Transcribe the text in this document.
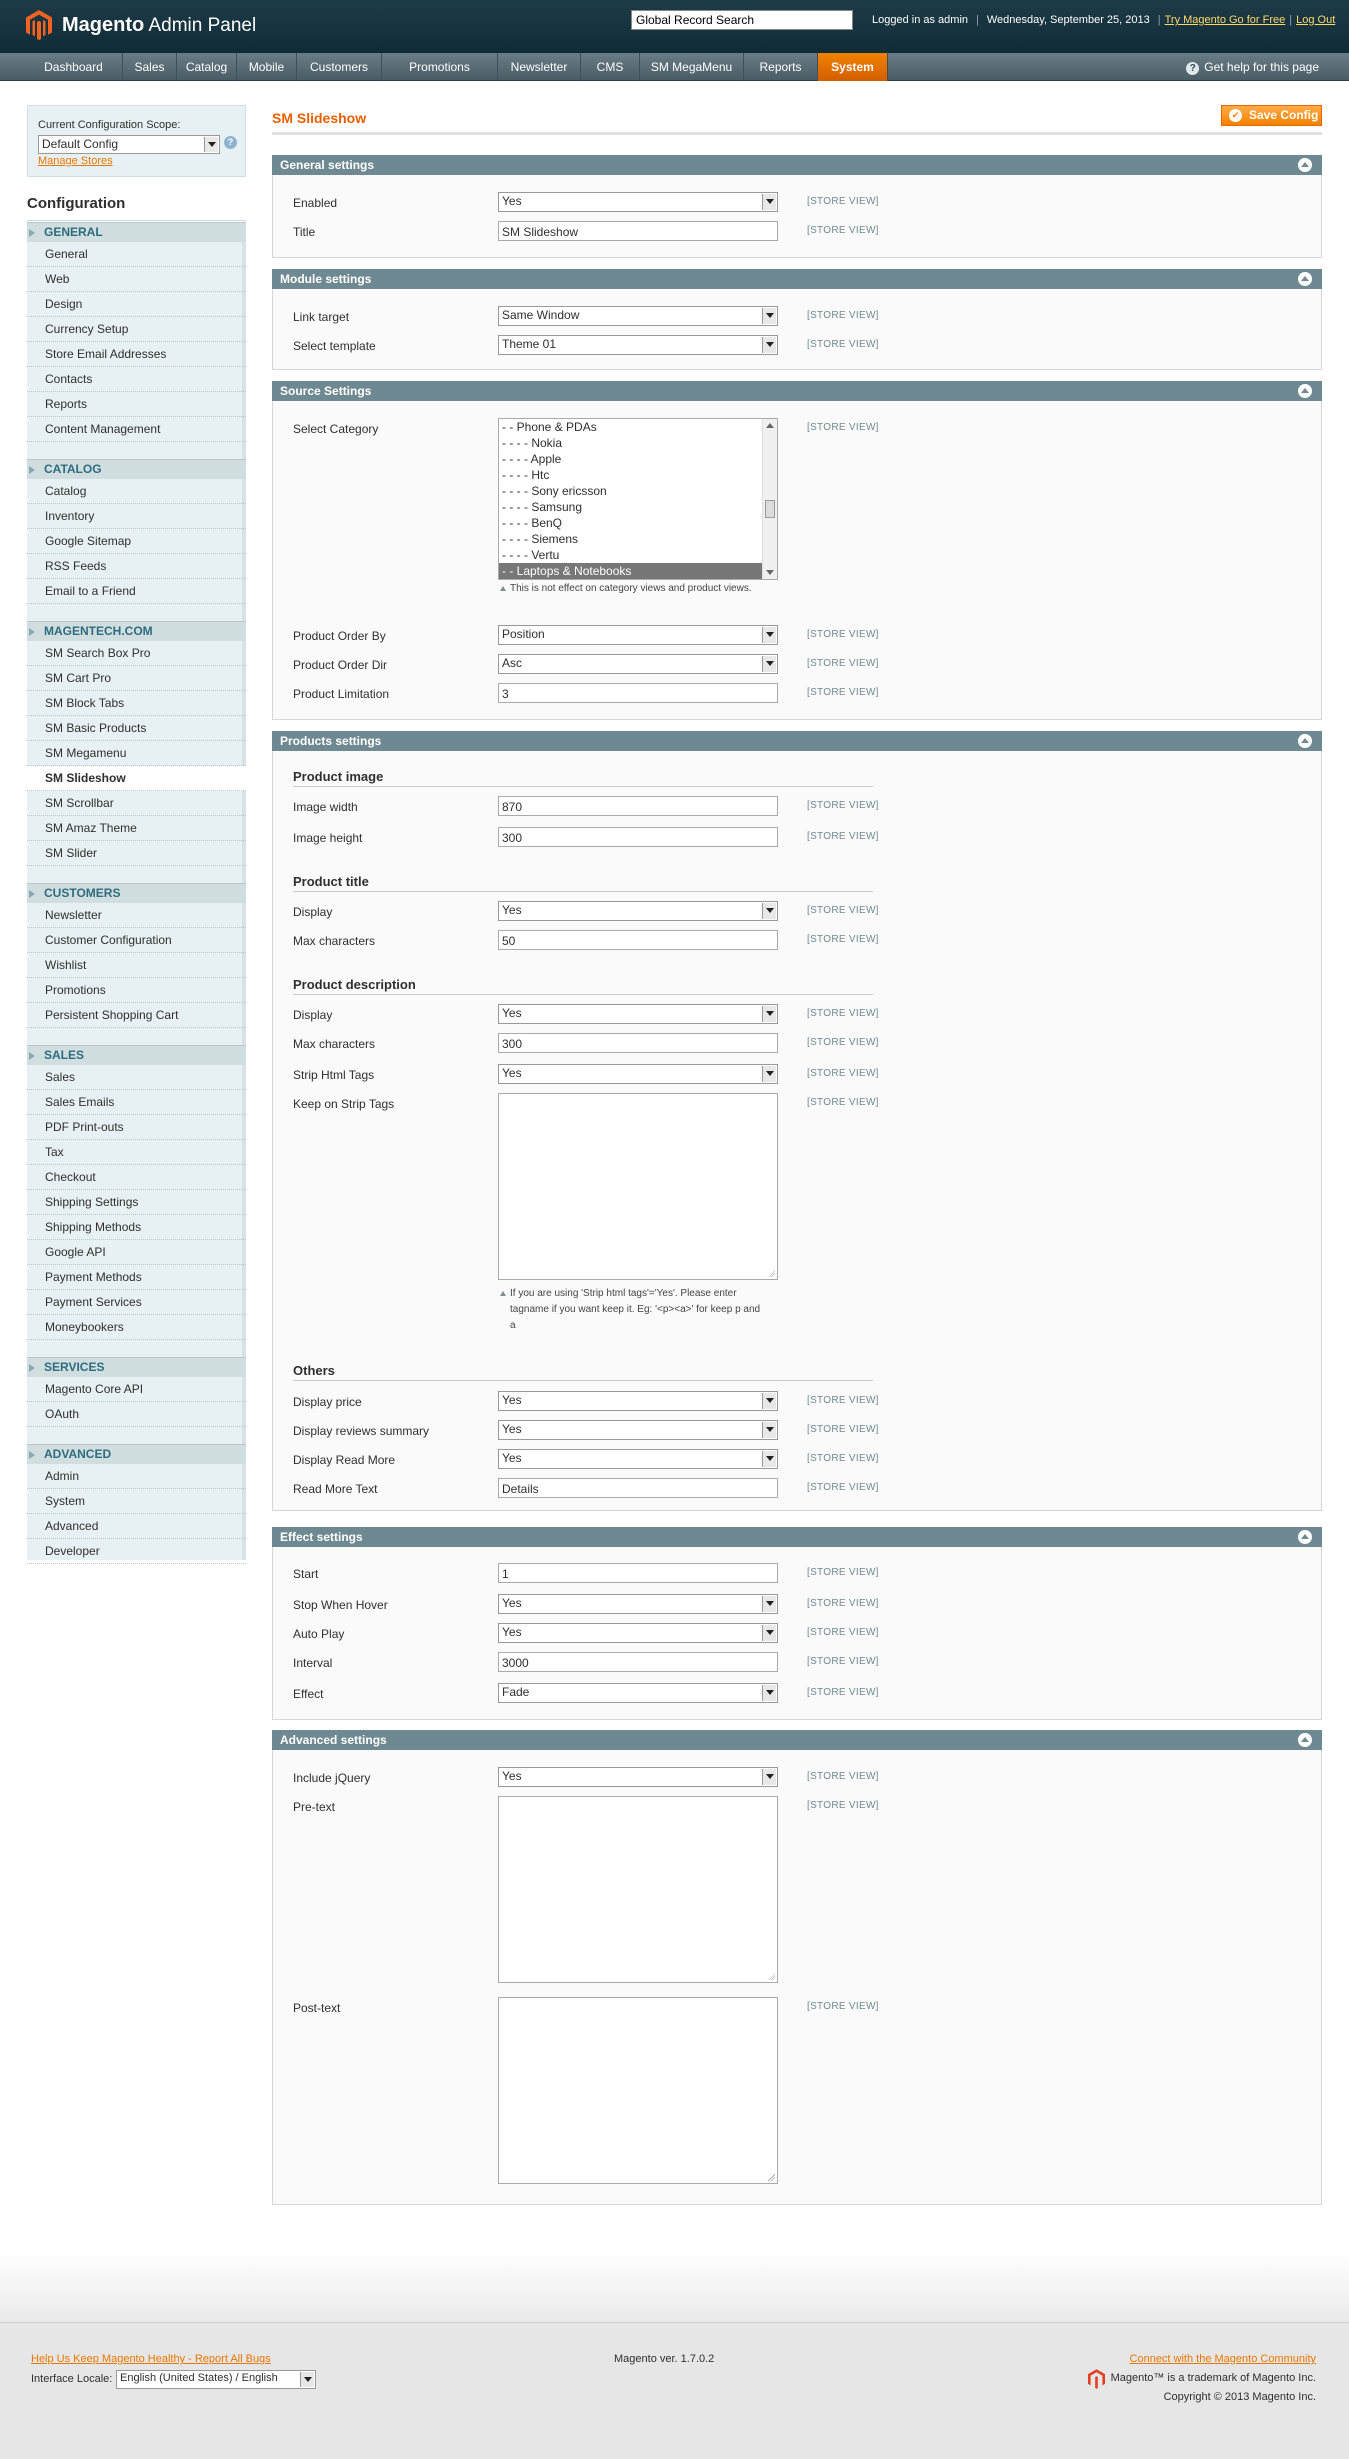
Magento Admin Panel
Global Record Search	Logged in as admin | Wednesday, September 25, 2013 | Try Magento Go for Free | Log Out
Dashboard	Sales	Catalog	Mobile	Customers	Promotions	Newsletter	CMS	SM MegaMenu	Reports	System	? Get help for this page
Current Configuration Scope:
Default Config	?
Manage Stores
Configuration
GENERAL
General
Web
Design
Currency Setup
Store Email Addresses
Contacts
Reports
Content Management
CATALOG
Catalog
Inventory
Google Sitemap
RSS Feeds
Email to a Friend
MAGENTECH.COM
SM Search Box Pro
SM Cart Pro
SM Block Tabs
SM Basic Products
SM Megamenu
SM Slideshow
SM Scrollbar
SM Amaz Theme
SM Slider
CUSTOMERS
Newsletter
Customer Configuration
Wishlist
Promotions
Persistent Shopping Cart
SALES
Sales
Sales Emails
PDF Print-outs
Tax
Checkout
Shipping Settings
Shipping Methods
Google API
Payment Methods
Payment Services
Moneybookers
SERVICES
Magento Core API
OAuth
ADVANCED
Admin
System
Advanced
Developer
SM Slideshow	✔ Save Config
General settings
Enabled	Yes	[STORE VIEW]
Title	SM Slideshow	[STORE VIEW]
Module settings
Link target	Same Window	[STORE VIEW]
Select template	Theme 01	[STORE VIEW]
Source Settings
Select Category	- - Phone & PDAs
- - - - Nokia
- - - - Apple
- - - - Htc
- - - - Sony ericsson
- - - - Samsung
- - - - BenQ
- - - - Siemens
- - - - Vertu
- - Laptops & Notebooks
[STORE VIEW]
This is not effect on category views and product views.
Product Order By	Position	[STORE VIEW]
Product Order Dir	Asc	[STORE VIEW]
Product Limitation	3	[STORE VIEW]
Products settings
Product image
Image width	870	[STORE VIEW]
Image height	300	[STORE VIEW]
Product title
Display	Yes	[STORE VIEW]
Max characters	50	[STORE VIEW]
Product description
Display	Yes	[STORE VIEW]
Max characters	300	[STORE VIEW]
Strip Html Tags	Yes	[STORE VIEW]
Keep on Strip Tags	[STORE VIEW]
If you are using 'Strip html tags'='Yes'. Please enter tagname if you want keep it. Eg: '<p><a>' for keep p and a
Others
Display price	Yes	[STORE VIEW]
Display reviews summary	Yes	[STORE VIEW]
Display Read More	Yes	[STORE VIEW]
Read More Text	Details	[STORE VIEW]
Effect settings
Start	1	[STORE VIEW]
Stop When Hover	Yes	[STORE VIEW]
Auto Play	Yes	[STORE VIEW]
Interval	3000	[STORE VIEW]
Effect	Fade	[STORE VIEW]
Advanced settings
Include jQuery	Yes	[STORE VIEW]
Pre-text	[STORE VIEW]
Post-text	[STORE VIEW]
Help Us Keep Magento Healthy - Report All Bugs
Interface Locale: English (United States) / English
Magento ver. 1.7.0.2	Connect with the Magento Community
Magento™ is a trademark of Magento Inc.
Copyright © 2013 Magento Inc.
